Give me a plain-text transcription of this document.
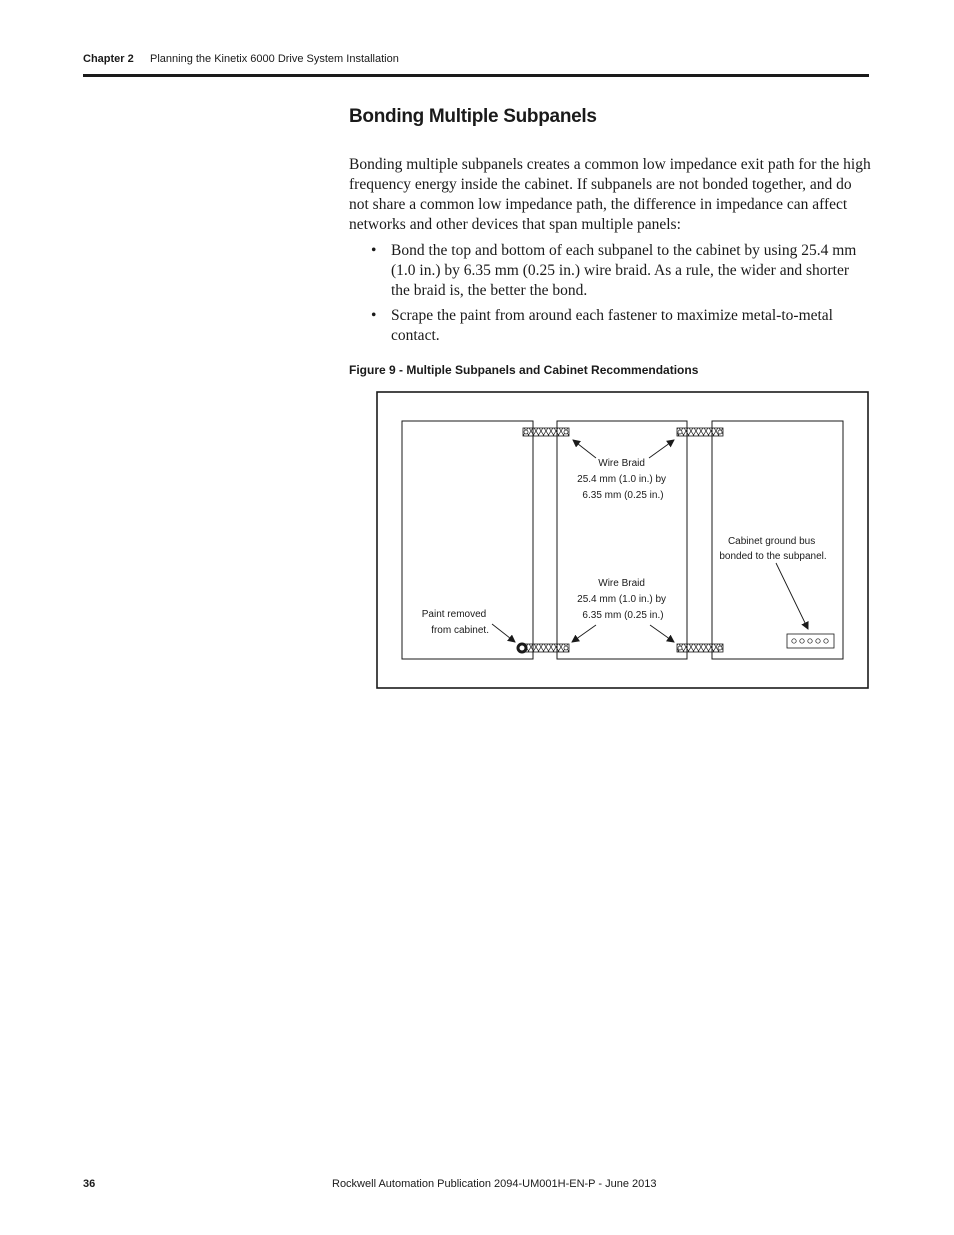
Chapter 2 Planning the Kinetix 6000 Drive System Installation
Bonding Multiple Subpanels

Bonding multiple subpanels creates a common low impedance exit path for the high frequency energy inside the cabinet. If subpanels are not bonded together, and do not share a common low impedance path, the difference in impedance can affect networks and other devices that span multiple panels:

• Bond the top and bottom of each subpanel to the cabinet by using 25.4 mm (1.0 in.) by 6.35 mm (0.25 in.) wire braid. As a rule, the wider and shorter the braid is, the better the bond.
• Scrape the paint from around each fastener to maximize metal-to-metal contact.
Figure 9 - Multiple Subpanels and Cabinet Recommendations
Wire Braid 25.4 mm (1.0 in.) by 6.35 mm (0.25 in.)
Wire Braid 25.4 mm (1.0 in.) by 6.35 mm (0.25 in.)
Cabinet ground bus bonded to the subpanel.
Paint removed from cabinet.
36	Rockwell Automation Publication 2094-UM001H-EN-P - June 2013
